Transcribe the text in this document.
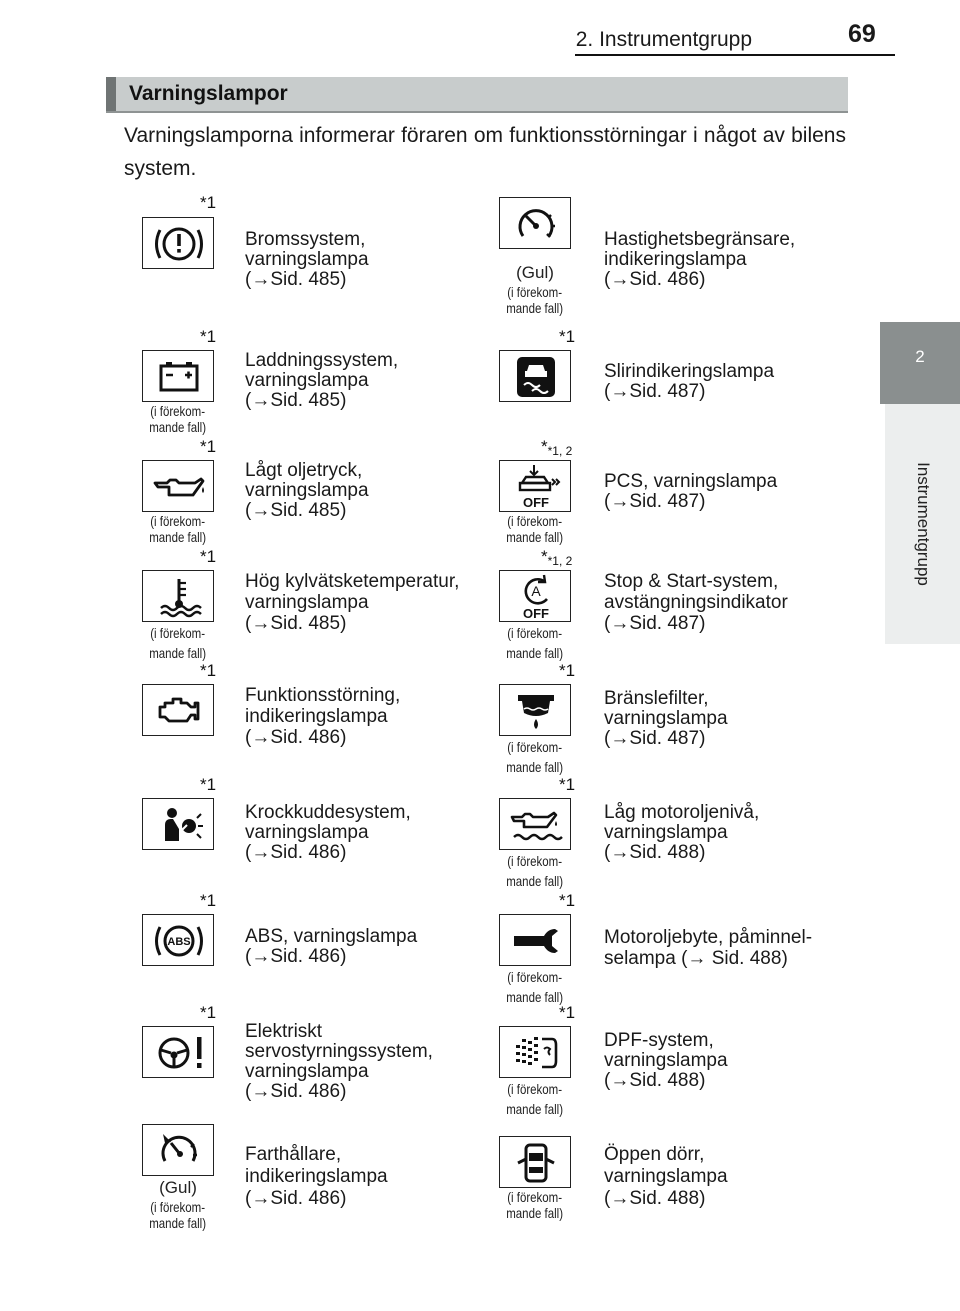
2. Instrumentgrupp	69
2
Instrumentgrupp
Varningslampor
Varningslamporna informerar föraren om funktionsstörningar i något av bilens system.
*1
Bromssystem,
varningslampa
(→ Sid. 485 )
*1
(i förekom-
mande fall)
Laddningssystem,
varningslampa
(→ Sid. 485 )
*1
(i förekom-
mande fall)
Lågt oljetryck,
varningslampa
(→ Sid. 485 )
*1
(i förekom-
mande fall)
Hög kylvätsketemperatur,
varningslampa
(→ Sid. 485 )
*1
Funktionsstörning,
indikeringslampa
(→ Sid. 486 )
*1
Krockkuddesystem,
varningslampa
(→ Sid. 486 )
*1
ABS	ABS, varningslampa
(→ Sid. 486 )
*1
Elektriskt
servostyrningssystem,
varningslampa
(→ Sid. 486 )
(Gul)
(i förekom-
mande fall)
Farthållare,
indikeringslampa
(→ Sid. 486 )
(Gul)
(i förekom-
mande fall)
Hastighetsbegränsare,
indikeringslampa
(→ Sid. 486 )
*1
Slirindikeringslampa
(→ Sid. 487 )
$*_{*1, 2}$
OFF
(i förekom-
mande fall)
PCS, varningslampa
(→ Sid. 487 )
$*_{*1, 2}$
A
OFF
(i förekom-
mande fall)
Stop & Start-system,
avstängningsindikator
(→ Sid. 487 )
*1
(i förekom-
mande fall)
Bränslefilter,
varningslampa
(→ Sid. 487 )
*1
(i förekom-
mande fall)
Låg motoroljenivå,
varningslampa
(→ Sid. 488 )
*1
(i förekom-
mande fall)
Motoroljebyte, påminnel-
selampa (→ Sid. 488)
*1
(i förekom-
mande fall)
DPF-system,
varningslampa
(→ Sid. 488 )
(i förekom-
mande fall)
Öppen dörr,
varningslampa
(→ Sid. 488 )
